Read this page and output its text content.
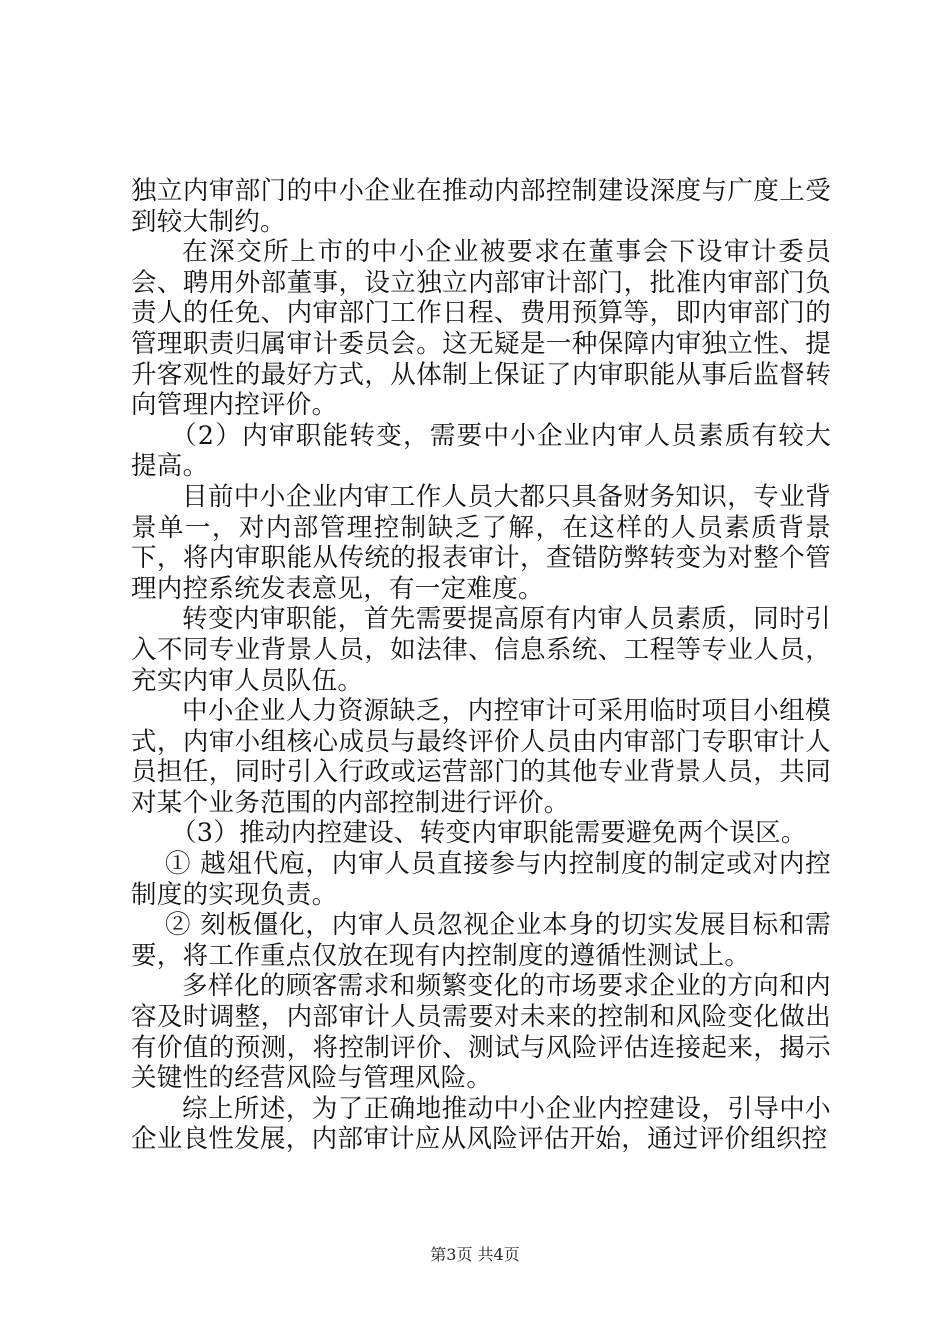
独立内审部门的中小企业在推动内部控制建设深度与广度上受到较大制约。

在深交所上市的中小企业被要求在董事会下设审计委员会、聘用外部董事，设立独立内部审计部门，批准内审部门负责人的任免、内审部门工作日程、费用预算等，即内审部门的管理职责归属审计委员会。这无疑是一种保障内审独立性、提升客观性的最好方式，从体制上保证了内审职能从事后监督转向管理内控评价。

（2）内审职能转变，需要中小企业内审人员素质有较大提高。

目前中小企业内审工作人员大都只具备财务知识，专业背景单一，对内部管理控制缺乏了解，在这样的人员素质背景下，将内审职能从传统的报表审计，查错防弊转变为对整个管理内控系统发表意见，有一定难度。

转变内审职能，首先需要提高原有内审人员素质，同时引入不同专业背景人员，如法律、信息系统、工程等专业人员，充实内审人员队伍。

中小企业人力资源缺乏，内控审计可采用临时项目小组模式，内审小组核心成员与最终评价人员由内审部门专职审计人员担任，同时引入行政或运营部门的其他专业背景人员，共同对某个业务范围的内部控制进行评价。

（3）推动内控建设、转变内审职能需要避免两个误区。

① 越俎代庖，内审人员直接参与内控制度的制定或对内控制度的实现负责。

② 刻板僵化，内审人员忽视企业本身的切实发展目标和需要，将工作重点仅放在现有内控制度的遵循性测试上。

多样化的顾客需求和频繁变化的市场要求企业的方向和内容及时调整，内部审计人员需要对未来的控制和风险变化做出有价值的预测，将控制评价、测试与风险评估连接起来，揭示关键性的经营风险与管理风险。

综上所述，为了正确地推动中小企业内控建设，引导中小企业良性发展，内部审计应从风险评估开始，通过评价组织控

第3页 共4页
